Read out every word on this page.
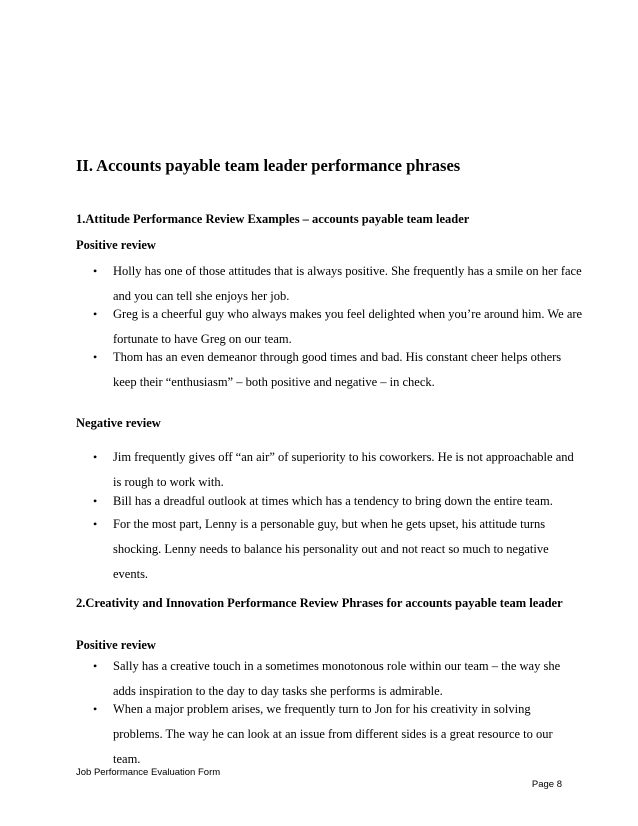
II. Accounts payable team leader performance phrases
1.Attitude Performance Review Examples – accounts payable team leader
Positive review
• Holly has one of those attitudes that is always positive. She frequently has a smile on her face and you can tell she enjoys her job.
• Greg is a cheerful guy who always makes you feel delighted when you’re around him. We are fortunate to have Greg on our team.
• Thom has an even demeanor through good times and bad. His constant cheer helps others keep their “enthusiasm” – both positive and negative – in check.
Negative review
• Jim frequently gives off “an air” of superiority to his coworkers. He is not approachable and is rough to work with.
• Bill has a dreadful outlook at times which has a tendency to bring down the entire team.
• For the most part, Lenny is a personable guy, but when he gets upset, his attitude turns shocking. Lenny needs to balance his personality out and not react so much to negative events.
2.Creativity and Innovation Performance Review Phrases for accounts payable team leader
Positive review
• Sally has a creative touch in a sometimes monotonous role within our team – the way she adds inspiration to the day to day tasks she performs is admirable.
• When a major problem arises, we frequently turn to Jon for his creativity in solving problems. The way he can look at an issue from different sides is a great resource to our team.
Job Performance Evaluation Form
Page 8
